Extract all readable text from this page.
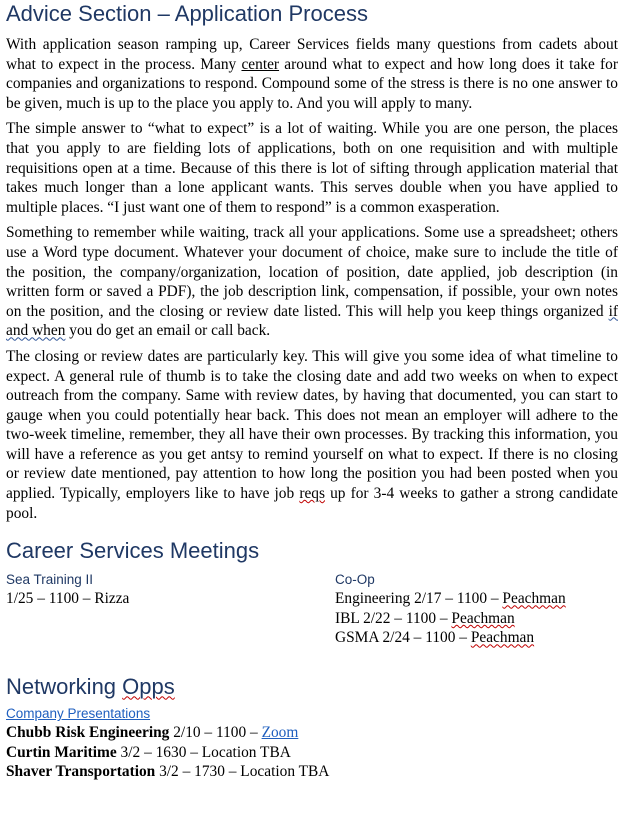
Advice Section – Application Process

With application season ramping up, Career Services fields many questions from cadets about what to expect in the process. Many center around what to expect and how long does it take for companies and organizations to respond. Compound some of the stress is there is no one answer to be given, much is up to the place you apply to. And you will apply to many.

The simple answer to “what to expect” is a lot of waiting. While you are one person, the places that you apply to are fielding lots of applications, both on one requisition and with multiple requisitions open at a time. Because of this there is lot of sifting through application material that takes much longer than a lone applicant wants. This serves double when you have applied to multiple places. “I just want one of them to respond” is a common exasperation.

Something to remember while waiting, track all your applications. Some use a spreadsheet; others use a Word type document. Whatever your document of choice, make sure to include the title of the position, the company/organization, location of position, date applied, job description (in written form or saved a PDF), the job description link, compensation, if possible, your own notes on the position, and the closing or review date listed. This will help you keep things organized if and when you do get an email or call back.

The closing or review dates are particularly key. This will give you some idea of what timeline to expect. A general rule of thumb is to take the closing date and add two weeks on when to expect outreach from the company. Same with review dates, by having that documented, you can start to gauge when you could potentially hear back. This does not mean an employer will adhere to the two-week timeline, remember, they all have their own processes. By tracking this information, you will have a reference as you get antsy to remind yourself on what to expect. If there is no closing or review date mentioned, pay attention to how long the position you had been posted when you applied. Typically, employers like to have job reqs up for 3-4 weeks to gather a strong candidate pool.

Career Services Meetings

Sea Training II

1/25 – 1100 – Rizza

Co-Op

Engineering 2/17 – 1100 – Peachman

IBL 2/22 – 1100 – Peachman

GSMA 2/24 – 1100 – Peachman

Networking Opps

Company Presentations

Chubb Risk Engineering 2/10 – 1100 – Zoom

Curtin Maritime 3/2 – 1630 – Location TBA

Shaver Transportation 3/2 – 1730 – Location TBA
